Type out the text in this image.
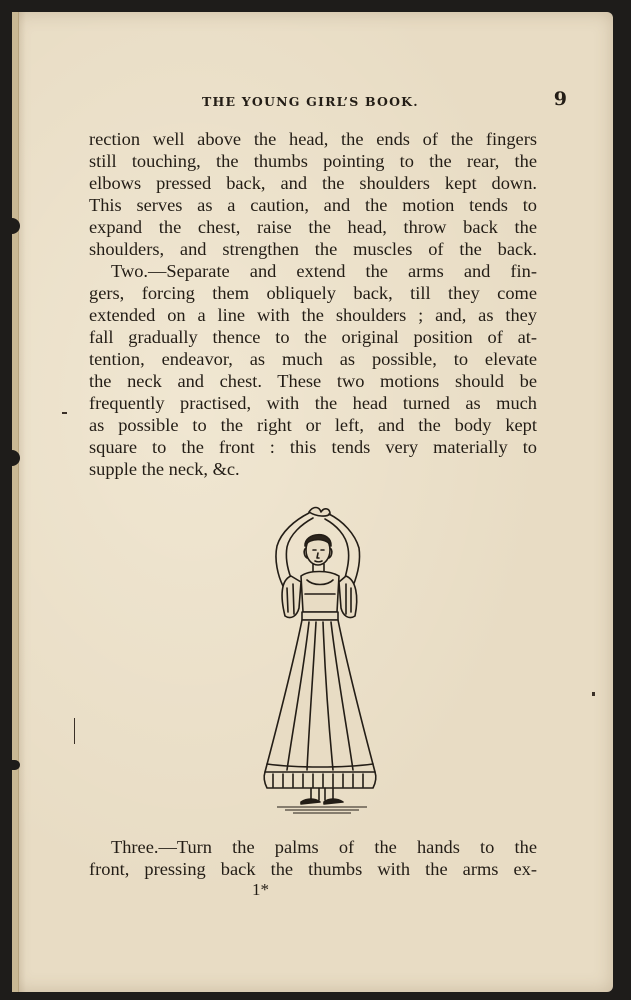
THE YOUNG GIRL’S BOOK.	9
rection well above the head, the ends of the fingers
still touching, the thumbs pointing to the rear, the
elbows pressed back, and the shoulders kept down.
This serves as a caution, and the motion tends to
expand the chest, raise the head, throw back the
shoulders, and strengthen the muscles of the back.
Two.—Separate and extend the arms and fin-
gers, forcing them obliquely back, till they come
extended on a line with the shoulders ; and, as they
fall gradually thence to the original position of at-
tention, endeavor, as much as possible, to elevate
the neck and chest. These two motions should be
frequently practised, with the head turned as much
as possible to the right or left, and the body kept
square to the front : this tends very materially to
supple the neck, &c.
Three.—Turn the palms of the hands to the
front, pressing back the thumbs with the arms ex-
1*
